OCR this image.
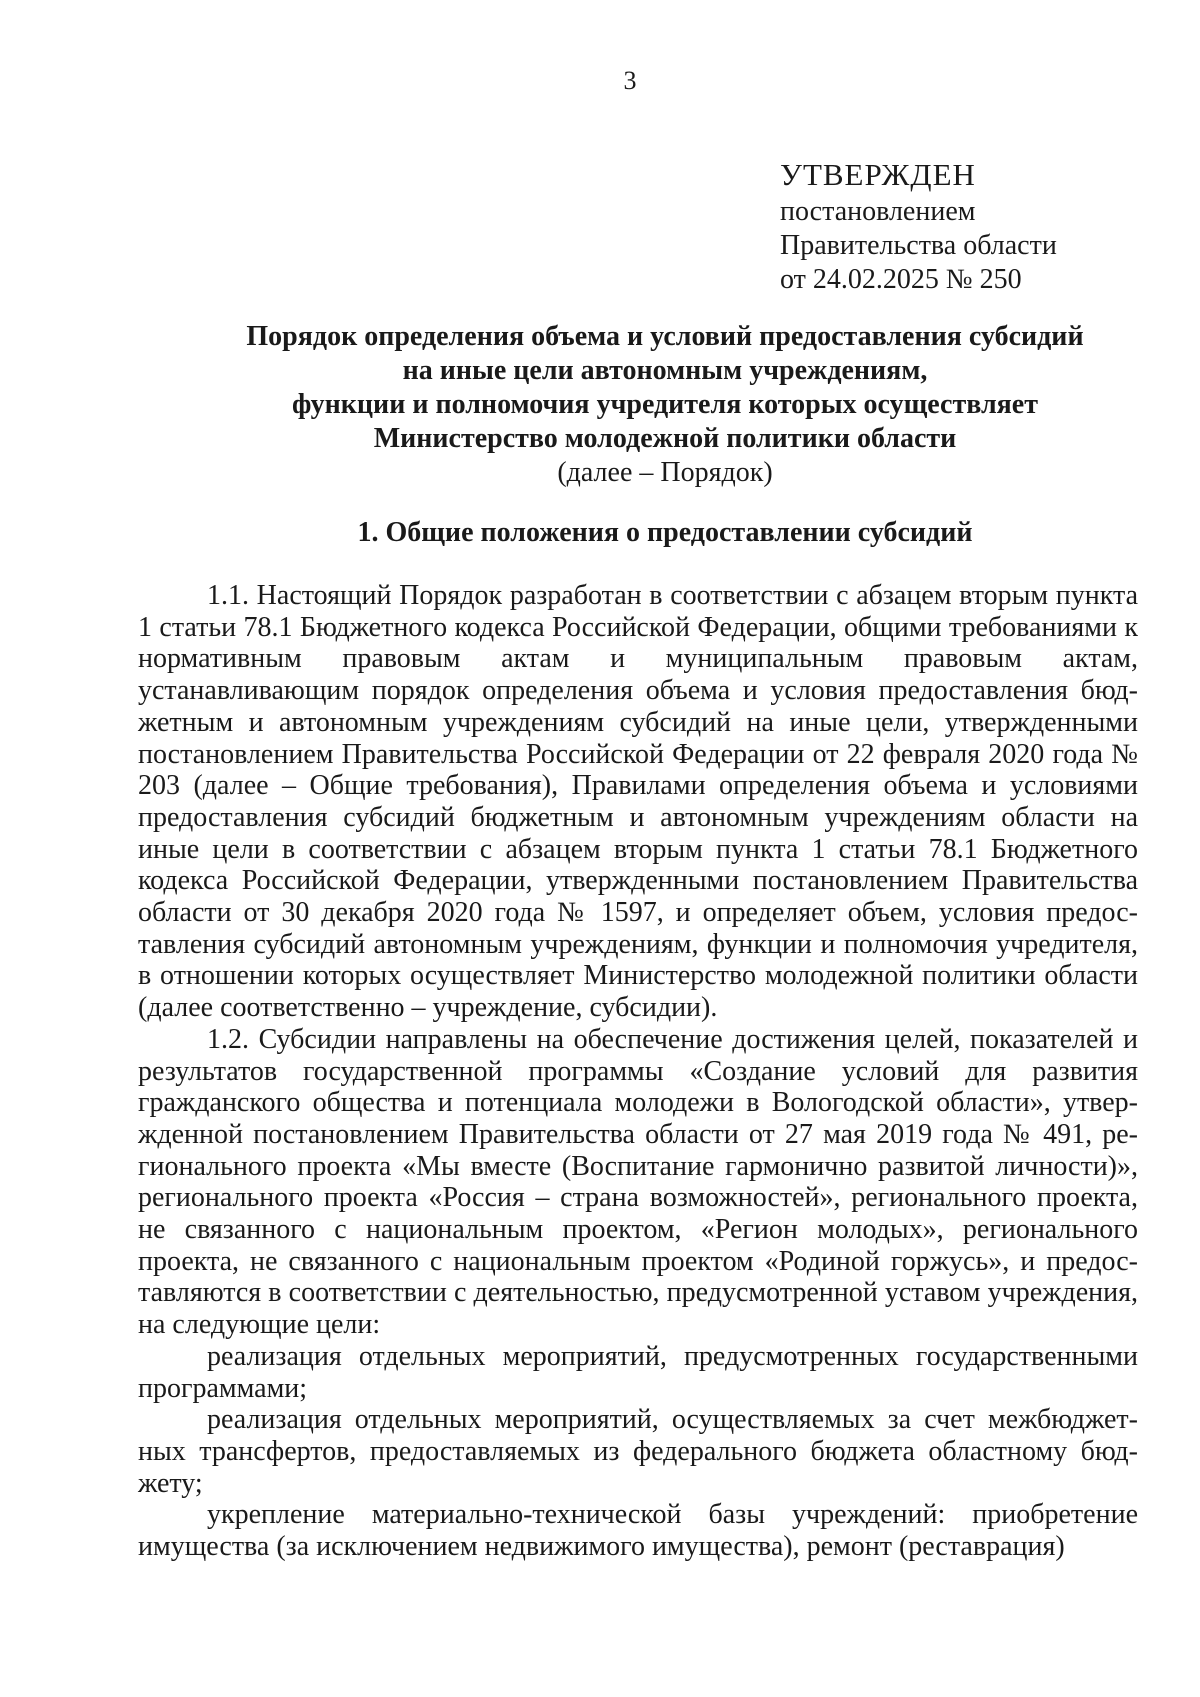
3
УТВЕРЖДЕН
постановлением
Правительства области
от 24.02.2025 № 250
Порядок определения объема и условий предоставления субсидий
на иные цели автономным учреждениям,
функции и полномочия учредителя которых осуществляет
Министерство молодежной политики области
(далее – Порядок)
1. Общие положения о предоставлении субсидий

1.1. Настоящий Порядок разработан в соответствии с абзацем вторым пункта 1 статьи 78.1 Бюджетного кодекса Российской Федерации, общими требованиями к нормативным правовым актам и муниципальным правовым актам, устанавливающим порядок определения объема и условия предоставления бюджетным и автономным учреждениям субсидий на иные цели, утвержденными постановлением Правительства Российской Федерации от 22 февраля 2020 года № 203 (далее – Общие требования), Правилами определения объема и условиями предоставления субсидий бюджетным и автономным учреждениям области на иные цели в соответствии с абзацем вторым пункта 1 статьи 78.1 Бюджетного кодекса Российской Федерации, утвержденными постановлением Правительства области от 30 декабря 2020 года № 1597, и определяет объем, условия предоставления субсидий автономным учреждениям, функции и полномочия учредителя, в отношении которых осуществляет Министерство молодежной политики области (далее соответственно – учреждение, субсидии).

1.2. Субсидии направлены на обеспечение достижения целей, показателей и результатов государственной программы «Создание условий для развития гражданского общества и потенциала молодежи в Вологодской области», утвержденной постановлением Правительства области от 27 мая 2019 года № 491, регионального проекта «Мы вместе (Воспитание гармонично развитой личности)», регионального проекта «Россия – страна возможностей», регионального проекта, не связанного с национальным проектом, «Регион молодых», регионального проекта, не связанного с национальным проектом «Родиной горжусь», и предоставляются в соответствии с деятельностью, предусмотренной уставом учреждения, на следующие цели:

реализация отдельных мероприятий, предусмотренных государственными программами;

реализация отдельных мероприятий, осуществляемых за счет межбюджетных трансфертов, предоставляемых из федерального бюджета областному бюджету;

укрепление материально-технической базы учреждений: приобретение имущества (за исключением недвижимого имущества), ремонт (реставрация)
